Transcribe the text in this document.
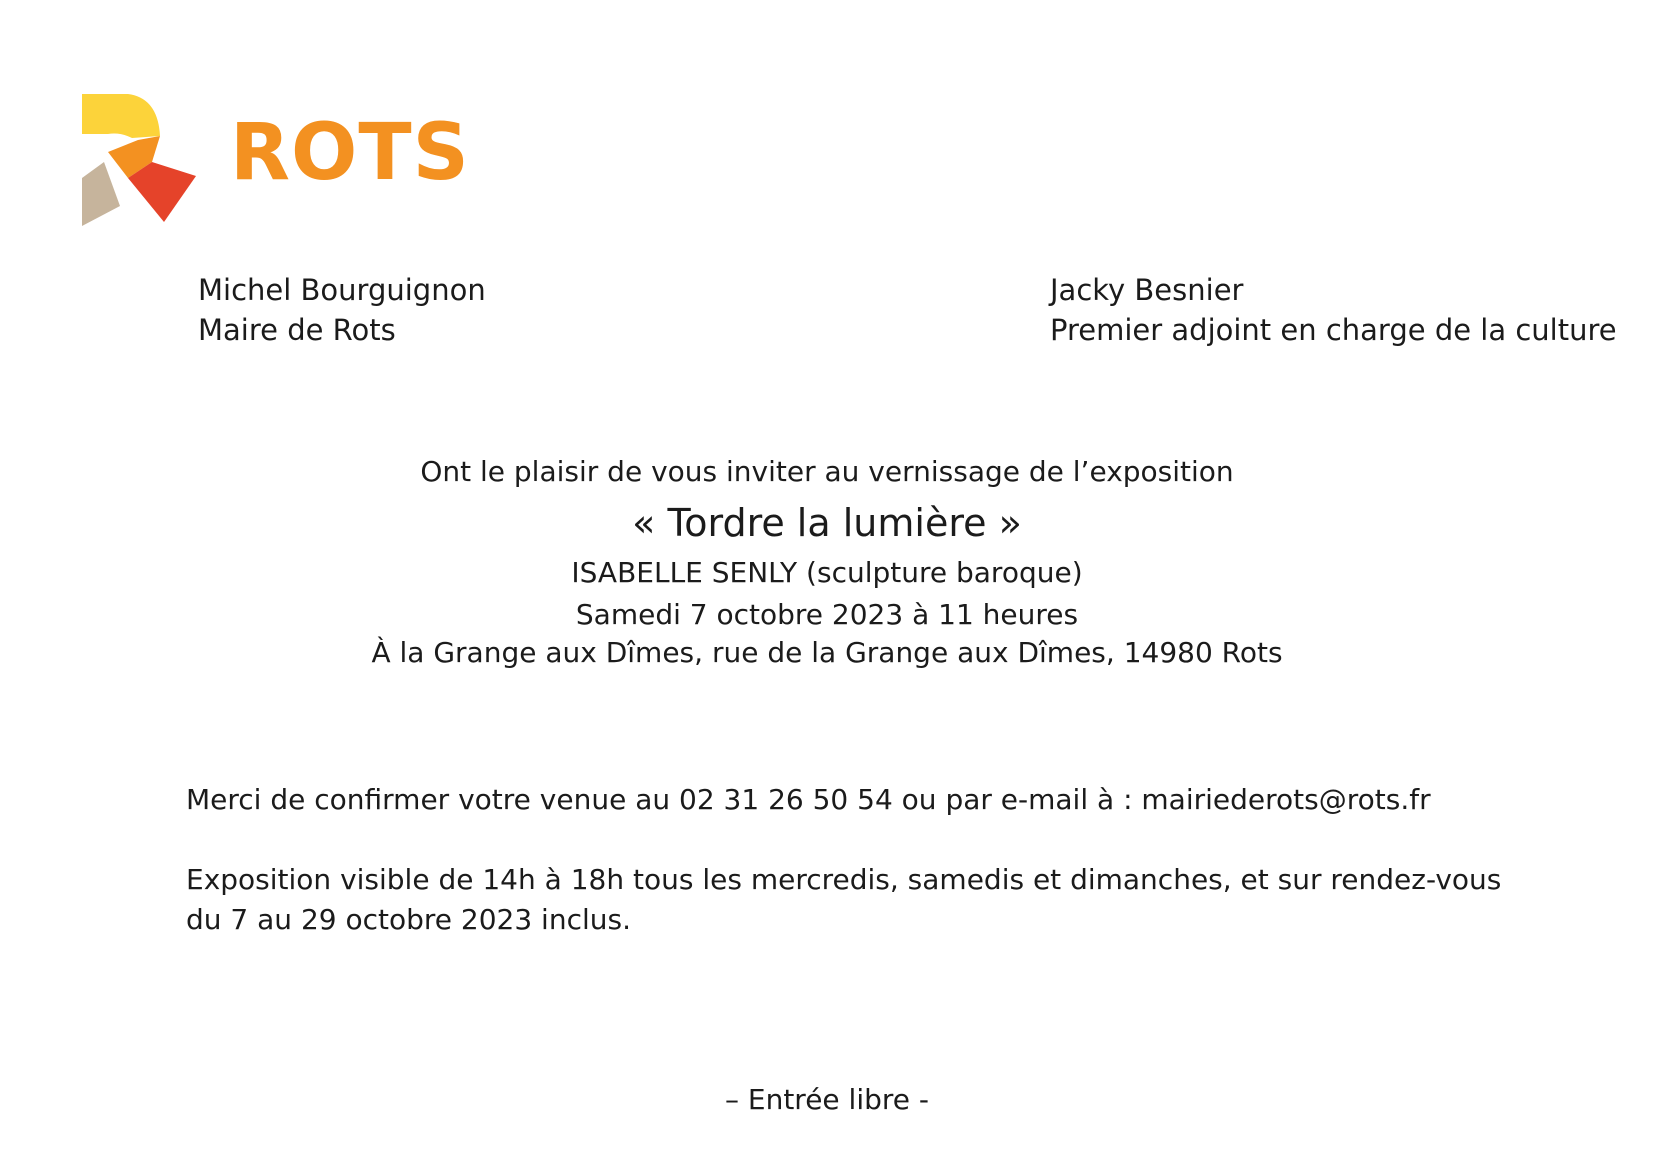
ROTS
Michel Bourguignon
Maire de Rots
Jacky Besnier
Premier adjoint en charge de la culture
Ont le plaisir de vous inviter au vernissage de l’exposition
« Tordre la lumière »
ISABELLE SENLY (sculpture baroque)
Samedi 7 octobre 2023 à 11 heures
À la Grange aux Dîmes, rue de la Grange aux Dîmes, 14980 Rots
Merci de confirmer votre venue au 02 31 26 50 54 ou par e-mail à : mairiederots@rots.fr
Exposition visible de 14h à 18h tous les mercredis, samedis et dimanches, et sur rendez-vous
du 7 au 29 octobre 2023 inclus.
– Entrée libre -
